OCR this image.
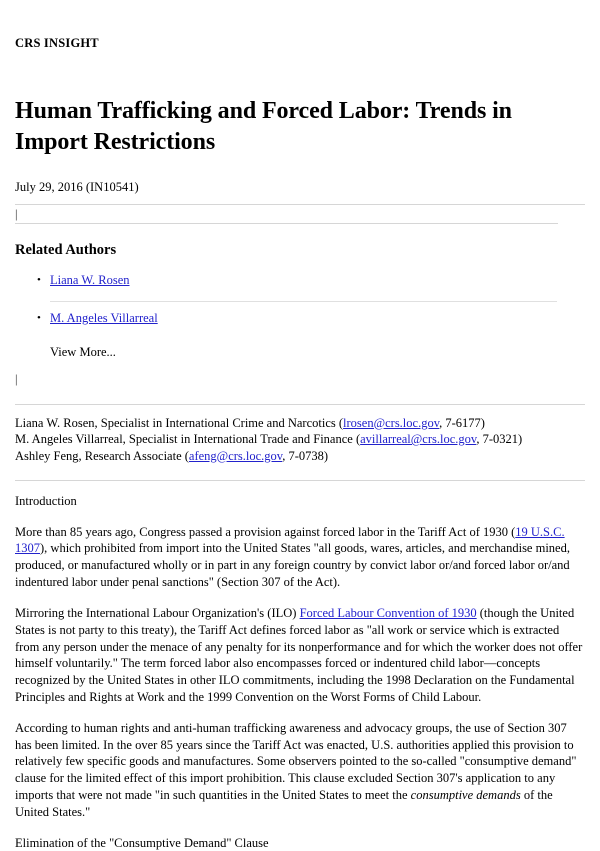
CRS INSIGHT
Human Trafficking and Forced Labor: Trends in Import Restrictions
July 29, 2016 (IN10541)
|
Related Authors
• Liana W. Rosen
• M. Angeles Villarreal
View More...
|
Liana W. Rosen, Specialist in International Crime and Narcotics (lrosen@crs.loc.gov, 7-6177)
M. Angeles Villarreal, Specialist in International Trade and Finance (avillarreal@crs.loc.gov, 7-0321)
Ashley Feng, Research Associate (afeng@crs.loc.gov, 7-0738)
Introduction

More than 85 years ago, Congress passed a provision against forced labor in the Tariff Act of 1930 (19 U.S.C. 1307), which prohibited from import into the United States "all goods, wares, articles, and merchandise mined, produced, or manufactured wholly or in part in any foreign country by convict labor or/and forced labor or/and indentured labor under penal sanctions" (Section 307 of the Act).

Mirroring the International Labour Organization's (ILO) Forced Labour Convention of 1930 (though the United States is not party to this treaty), the Tariff Act defines forced labor as "all work or service which is extracted from any person under the menace of any penalty for its nonperformance and for which the worker does not offer himself voluntarily." The term forced labor also encompasses forced or indentured child labor—concepts recognized by the United States in other ILO commitments, including the 1998 Declaration on the Fundamental Principles and Rights at Work and the 1999 Convention on the Worst Forms of Child Labour.

According to human rights and anti-human trafficking awareness and advocacy groups, the use of Section 307 has been limited. In the over 85 years since the Tariff Act was enacted, U.S. authorities applied this provision to relatively few specific goods and manufactures. Some observers pointed to the so-called "consumptive demand" clause for the limited effect of this import prohibition. This clause excluded Section 307's application to any imports that were not made "in such quantities in the United States to meet the consumptive demands of the United States."

Elimination of the "Consumptive Demand" Clause
